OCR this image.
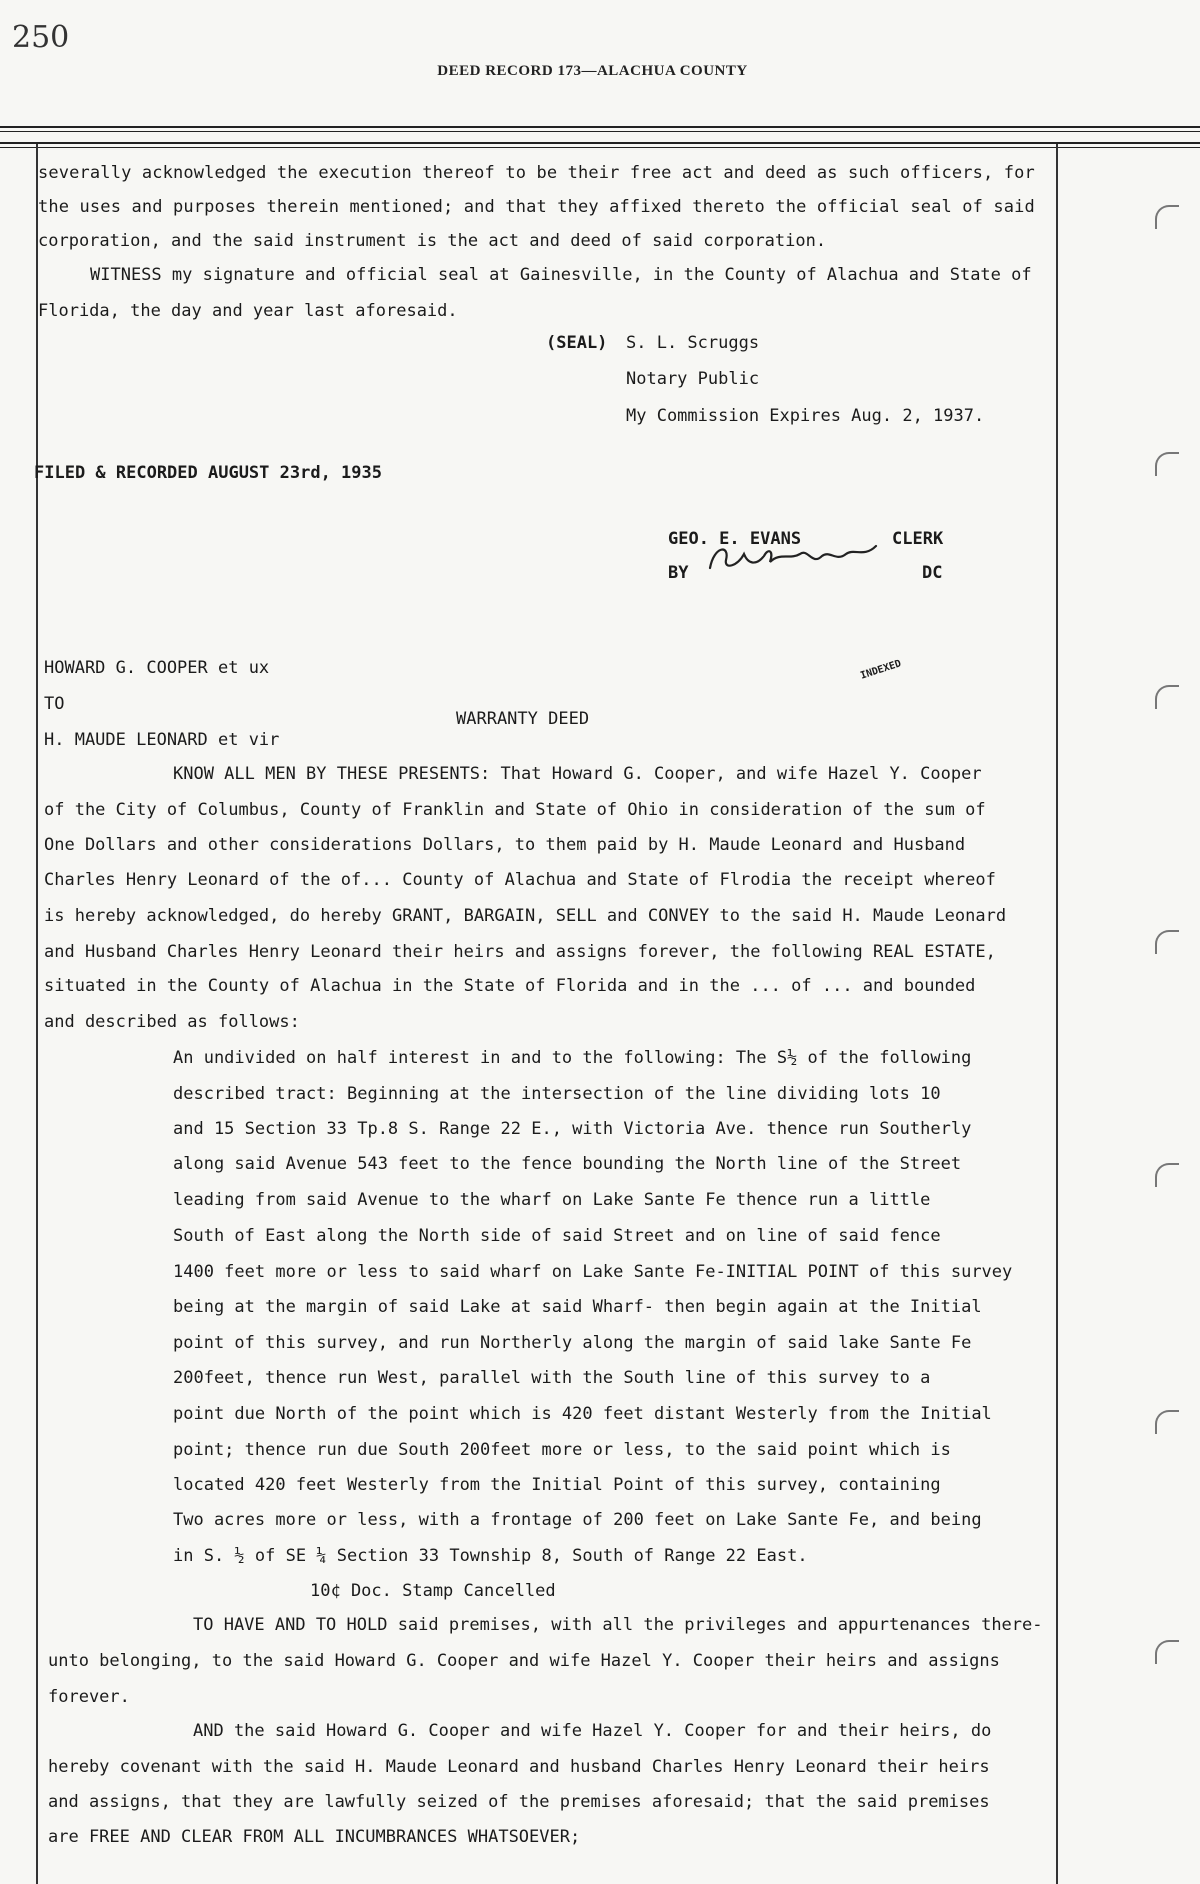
250
DEED RECORD 173—ALACHUA COUNTY

severally acknowledged the execution thereof to be their free act and deed as such officers, for

the uses and purposes therein mentioned; and that they affixed thereto the official seal of said

corporation, and the said instrument is the act and deed of said corporation.

WITNESS my signature and official seal at Gainesville, in the County of Alachua and State of

Florida, the day and year last aforesaid.

(SEAL) S. L. Scruggs

Notary Public

My Commission Expires Aug. 2, 1937.

FILED & RECORDED AUGUST 23rd, 1935

GEO. E. EVANS	CLERK

BY	DC

HOWARD G. COOPER et ux

TO

H. MAUDE LEONARD et vir

INDEXED

WARRANTY DEED

KNOW ALL MEN BY THESE PRESENTS: That Howard G. Cooper, and wife Hazel Y. Cooper

of the City of Columbus, County of Franklin and State of Ohio in consideration of the sum of

One Dollars and other considerations Dollars, to them paid by H. Maude Leonard and Husband

Charles Henry Leonard of the of... County of Alachua and State of Flrodia the receipt whereof

is hereby acknowledged, do hereby GRANT, BARGAIN, SELL and CONVEY to the said H. Maude Leonard

and Husband Charles Henry Leonard their heirs and assigns forever, the following REAL ESTATE,

situated in the County of Alachua in the State of Florida and in the ... of ... and bounded

and described as follows:

An undivided on half interest in and to the following: The S½ of the following

described tract: Beginning at the intersection of the line dividing lots 10

and 15 Section 33 Tp.8 S. Range 22 E., with Victoria Ave. thence run Southerly

along said Avenue 543 feet to the fence bounding the North line of the Street

leading from said Avenue to the wharf on Lake Sante Fe thence run a little

South of East along the North side of said Street and on line of said fence

1400 feet more or less to said wharf on Lake Sante Fe-INITIAL POINT of this survey

being at the margin of said Lake at said Wharf- then begin again at the Initial

point of this survey, and run Northerly along the margin of said lake Sante Fe

200feet, thence run West, parallel with the South line of this survey to a

point due North of the point which is 420 feet distant Westerly from the Initial

point; thence run due South 200feet more or less, to the said point which is

located 420 feet Westerly from the Initial Point of this survey, containing

Two acres more or less, with a frontage of 200 feet on Lake Sante Fe, and being

in S. ½ of SE ¼ Section 33 Township 8, South of Range 22 East.

10¢ Doc. Stamp Cancelled

TO HAVE AND TO HOLD said premises, with all the privileges and appurtenances there-

unto belonging, to the said Howard G. Cooper and wife Hazel Y. Cooper their heirs and assigns

forever.

AND the said Howard G. Cooper and wife Hazel Y. Cooper for and their heirs, do

hereby covenant with the said H. Maude Leonard and husband Charles Henry Leonard their heirs

and assigns, that they are lawfully seized of the premises aforesaid; that the said premises

are FREE AND CLEAR FROM ALL INCUMBRANCES WHATSOEVER;
